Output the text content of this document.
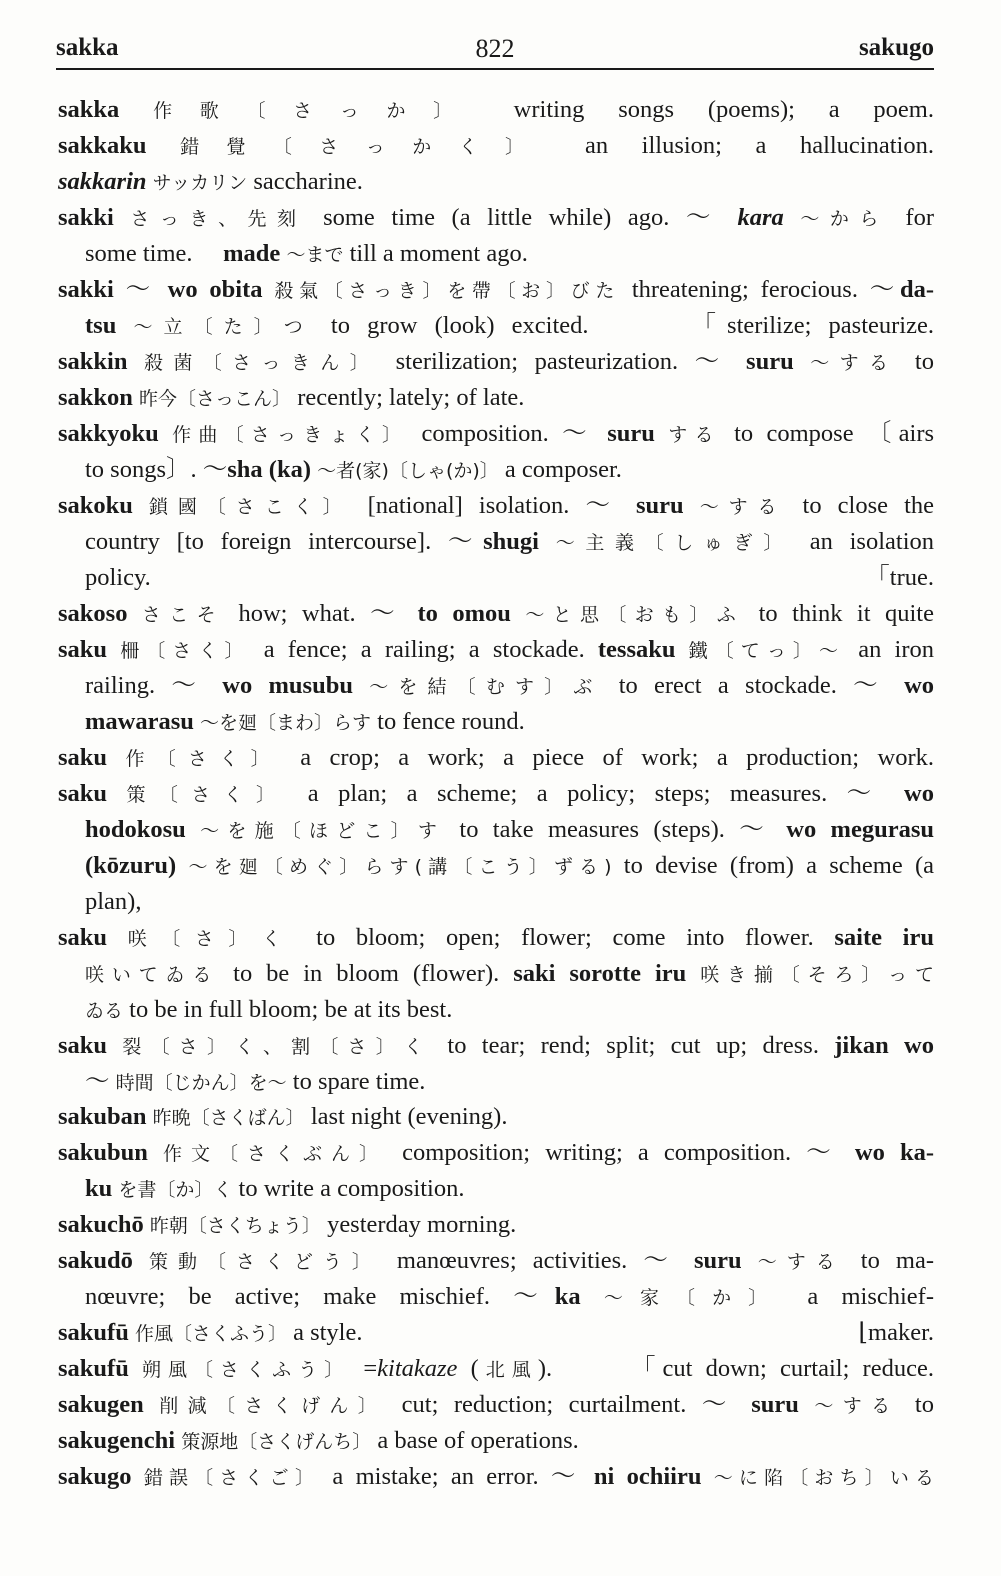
822
sakka	sakugo
sakka 作歌〔さっか〕 writing songs (poems); a poem.
sakkaku 錯覺〔さっかく〕 an illusion; a hallucination.
sakkarin サッカリン saccharine.
sakki さっき、先刻 some time (a little while) ago. ～ kara ～から for
some time.     made ～まで till a moment ago.
sakki ～ wo obita 殺氣〔さっき〕を帶〔お〕びた threatening; ferocious. ～da-
tsu ～立〔た〕つ to grow (look) excited.      「sterilize; pasteurize.
sakkin 殺菌〔さっきん〕 sterilization; pasteurization. ～ suru ～する to
sakkon 昨今〔さっこん〕 recently; lately; of late.
sakkyoku 作曲〔さっきょく〕 composition. ～ suru する to compose 〔airs
to songs〕. ～sha (ka) ～者(家)〔しゃ(か)〕 a composer.
sakoku 鎖國〔さこく〕 [national] isolation. ～ suru ～する to close the
country [to foreign intercourse]. ～shugi ～主義〔しゅぎ〕 an isolation
policy.	「true.
sakoso さこそ how; what. ～ to omou ～と思〔おも〕ふ to think it quite
saku 柵〔さく〕 a fence; a railing; a stockade. tessaku 鐵〔てっ〕～ an iron
railing. ～ wo musubu ～を結〔むす〕ぶ to erect a stockade. ～ wo
mawarasu ～を廻〔まわ〕らす to fence round.
saku 作〔さく〕 a crop; a work; a piece of work; a production; work.
saku 策〔さく〕 a plan; a scheme; a policy; steps; measures. ～ wo
hodokosu ～を施〔ほどこ〕す to take measures (steps). ～ wo megurasu
(kōzuru) ～を廻〔めぐ〕らす(講〔こう〕ずる) to devise (from) a scheme (a
plan),
saku 咲〔さ〕く to bloom; open; flower; come into flower. saite iru
咲いてゐる to be in bloom (flower). saki sorotte iru 咲き揃〔そろ〕って
ゐる to be in full bloom; be at its best.
saku 裂〔さ〕く、割〔さ〕く to tear; rend; split; cut up; dress. jikan wo
～ 時間〔じかん〕を～ to spare time.
sakuban 昨晩〔さくばん〕 last night (evening).
sakubun 作文〔さくぶん〕 composition; writing; a composition. ～ wo ka-
ku を書〔か〕く to write a composition.
sakuchō 昨朝〔さくちょう〕 yesterday morning.
sakudō 策動〔さくどう〕 manœuvres; activities. ～ suru ～する to ma-
nœuvre; be active; make mischief. ～ka ～家〔か〕 a mischief-
sakufū 作風〔さくふう〕 a style.	⌊maker.
sakufū 朔風〔さくふう〕 =kitakaze (北風).      「cut down; curtail; reduce.
sakugen 削減〔さくげん〕 cut; reduction; curtailment. ～ suru ～する to
sakugenchi 策源地〔さくげんち〕 a base of operations.
sakugo 錯誤〔さくご〕 a mistake; an error. ～ ni ochiiru ～に陷〔おち〕いる
